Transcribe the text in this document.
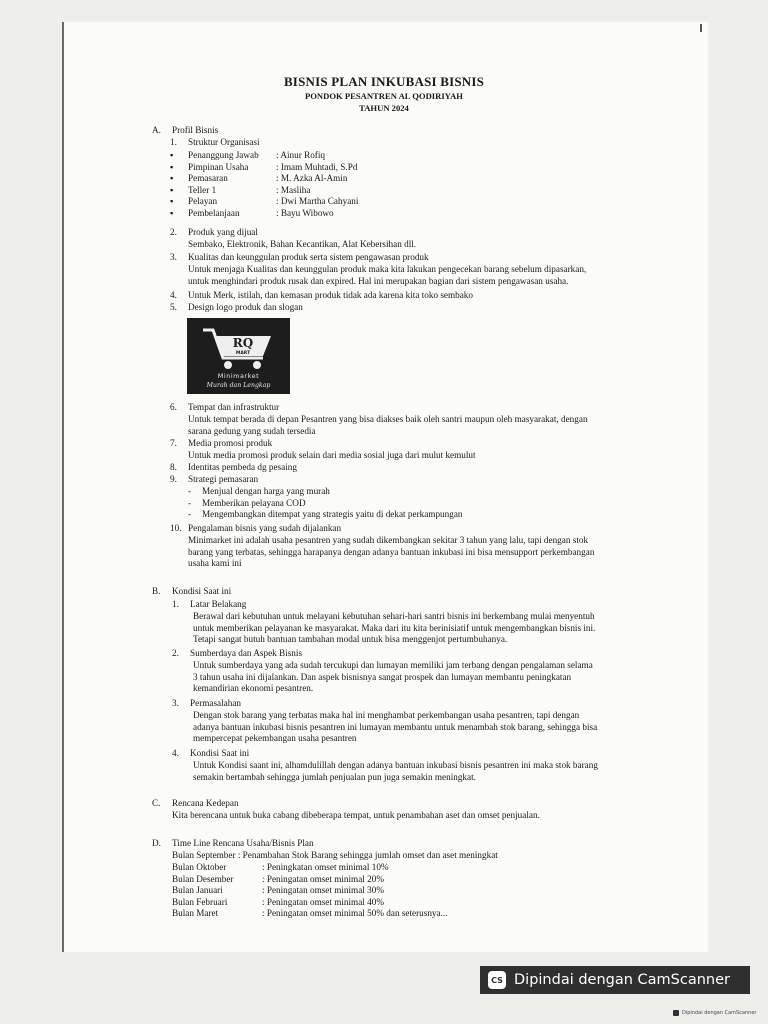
BISNIS PLAN INKUBASI BISNIS
PONDOK PESANTREN AL QODIRIYAH
TAHUN 2024
A. Profil Bisnis
1. Struktur Organisasi
▪	Penanggung Jawab	: Ainur Rofiq
▪	Pimpinan Usaha	: Imam Muhtadi, S.Pd
▪	Pemasaran	: M. Azka Al-Amin
▪	Teller 1	: Masliha
▪	Pelayan	: Dwi Martha Cahyani
▪	Pembelanjaan	: Bayu Wibowo
2. Produk yang dijual
Sembako, Elektronik, Bahan Kecantikan, Alat Kebersihan dll.
3. Kualitas dan keunggulan produk serta sistem pengawasan produk
Untuk menjaga Kualitas dan keunggulan produk maka kita lakukan pengecekan barang sebelum dipasarkan,
untuk menghindari produk rusak dan expired. Hal ini merupakan bagian dari sistem pengawasan usaha.
4. Untuk Merk, istilah, dan kemasan produk tidak ada karena kita toko sembako
5. Design logo produk dan slogan
RQ
MART
Minimarket
Murah dan Lengkap
6. Tempat dan infrastruktur
Untuk tempat berada di depan Pesantren yang bisa diakses baik oleh santri maupun oleh masyarakat, dengan
sarana gedung yang sudah tersedia
7. Media promosi produk
Untuk media promosi produk selain dari media sosial juga dari mulut kemulut
8. Identitas pembeda dg pesaing
9. Strategi pemasaran
-	Menjual dengan harga yang murah
-	Memberikan pelayana COD
-	Mengembangkan ditempat yang strategis yaitu di dekat perkampungan
10. Pengalaman bisnis yang sudah dijalankan
Minimarket ini adalah usaha pesantren yang sudah dikembangkan sekitar 3 tahun yang lalu, tapi dengan stok
barang yang terbatas, sehingga harapanya dengan adanya bantuan inkubasi ini bisa mensupport perkembangan
usaha kami ini
B. Kondisi Saat ini
1. Latar Belakang
Berawal dari kebutuhan untuk melayani kebutuhan sehari-hari santri bisnis ini berkembang mulai menyentuh
untuk memberikan pelayanan ke masyarakat. Maka dari itu kita berinisiatif untuk mengembangkan bisnis ini.
Tetapi sangat butuh bantuan tambahan modal untuk bisa menggenjot pertumbuhanya.
2. Sumberdaya dan Aspek Bisnis
Untuk sumberdaya yang ada sudah tercukupi dan lumayan memiliki jam terbang dengan pengalaman selama
3 tahun usaha ini dijalankan. Dan aspek bisnisnya sangat prospek dan lumayan membantu peningkatan
kemandirian ekonomi pesantren.
3. Permasalahan
Dengan stok barang yang terbatas maka hal ini menghambat perkembangan usaha pesantren, tapi dengan
adanya bantuan inkubasi bisnis pesantren ini lumayan membantu untuk menambah stok barang, sehingga bisa
mempercepat pekembangan usaha pesantren
4. Kondisi Saat ini
Untuk Kondisi saant ini, alhamdulillah dengan adanya bantuan inkubasi bisnis pesantren ini maka stok barang
semakin bertambah sehingga jumlah penjualan pun juga semakin meningkat.
C. Rencana Kedepan
Kita berencana untuk buka cabang dibeberapa tempat, untuk penambahan aset dan omset penjualan.
D. Time Line Rencana Usaha/Bisnis Plan
Bulan September : Penambahan Stok Barang sehingga jumlah omset dan aset meningkat
Bulan Oktober	: Peningkatan omset minimal 10%
Bulan Desember	: Peningatan omset minimal 20%
Bulan Januari	: Peningatan omset minimal 30%
Bulan Februari	: Peningatan omset minimal 40%
Bulan Maret	: Peningatan omset minimal 50% dan seterusnya...
CS Dipindai dengan CamScanner
Dipindai dengan CamScanner
